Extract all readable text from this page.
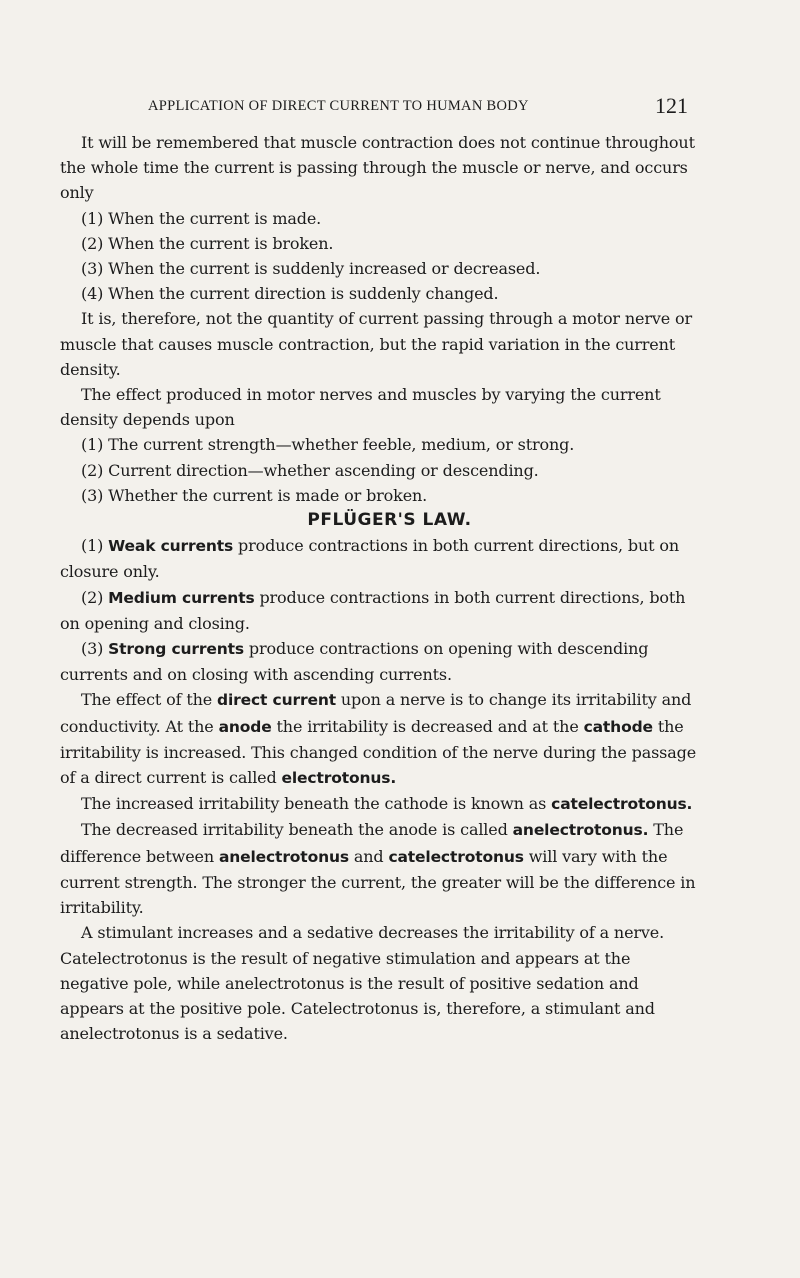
APPLICATION OF DIRECT CURRENT TO HUMAN BODY	121

It will be remembered that muscle contraction does not continue throughout the whole time the current is passing through the muscle or nerve, and occurs only

(1) When the current is made.

(2) When the current is broken.

(3) When the current is suddenly increased or decreased.

(4) When the current direction is suddenly changed.

It is, therefore, not the quantity of current passing through a motor nerve or muscle that causes muscle contraction, but the rapid variation in the current density.

The effect produced in motor nerves and muscles by varying the current density depends upon

(1) The current strength—whether feeble, medium, or strong.

(2) Current direction—whether ascending or descending.

(3) Whether the current is made or broken.

PFLÜGER'S LAW.

(1) Weak currents produce contractions in both current directions, but on closure only.

(2) Medium currents produce contractions in both current directions, both on opening and closing.

(3) Strong currents produce contractions on opening with descending currents and on closing with ascending currents.

The effect of the direct current upon a nerve is to change its irritability and conductivity. At the anode the irritability is decreased and at the cathode the irritability is increased. This changed condition of the nerve during the passage of a direct current is called electrotonus.

The increased irritability beneath the cathode is known as catelectrotonus.

The decreased irritability beneath the anode is called anelectrotonus. The difference between anelectrotonus and catelectrotonus will vary with the current strength. The stronger the current, the greater will be the difference in irritability.

A stimulant increases and a sedative decreases the irritability of a nerve. Catelectrotonus is the result of negative stimulation and appears at the negative pole, while anelectrotonus is the result of positive sedation and appears at the positive pole. Catelectrotonus is, therefore, a stimulant and anelectrotonus is a sedative.
